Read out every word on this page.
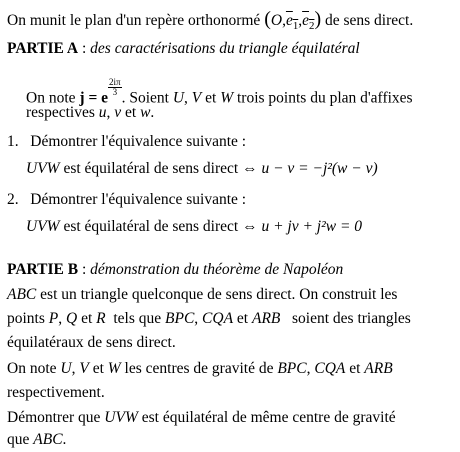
On munit le plan d'un repère orthonormé $(O,e_1,e_2)$ de sens direct.
PARTIE A : des caractérisations du triangle équilatéral
On note j = e
$\frac{2i\pi}{3}$
. Soient U, V et W trois points du plan d'affixes
respectives u, v et w.
1. Démontrer l'équivalence suivante :
UVW est équilatéral de sens direct ⇔ u − v = −j²(w − v)
2. Démontrer l'équivalence suivante :
UVW est équilatéral de sens direct ⇔ u + jv + j²w = 0
PARTIE B : démonstration du théorème de Napoléon
ABC est un triangle quelconque de sens direct. On construit les
points P, Q et R tels que BPC, CQA et ARB soient des triangles
équilatéraux de sens direct.
On note U, V et W les centres de gravité de BPC, CQA et ARB
respectivement.
Démontrer que UVW est équilatéral de même centre de gravité
que ABC.
